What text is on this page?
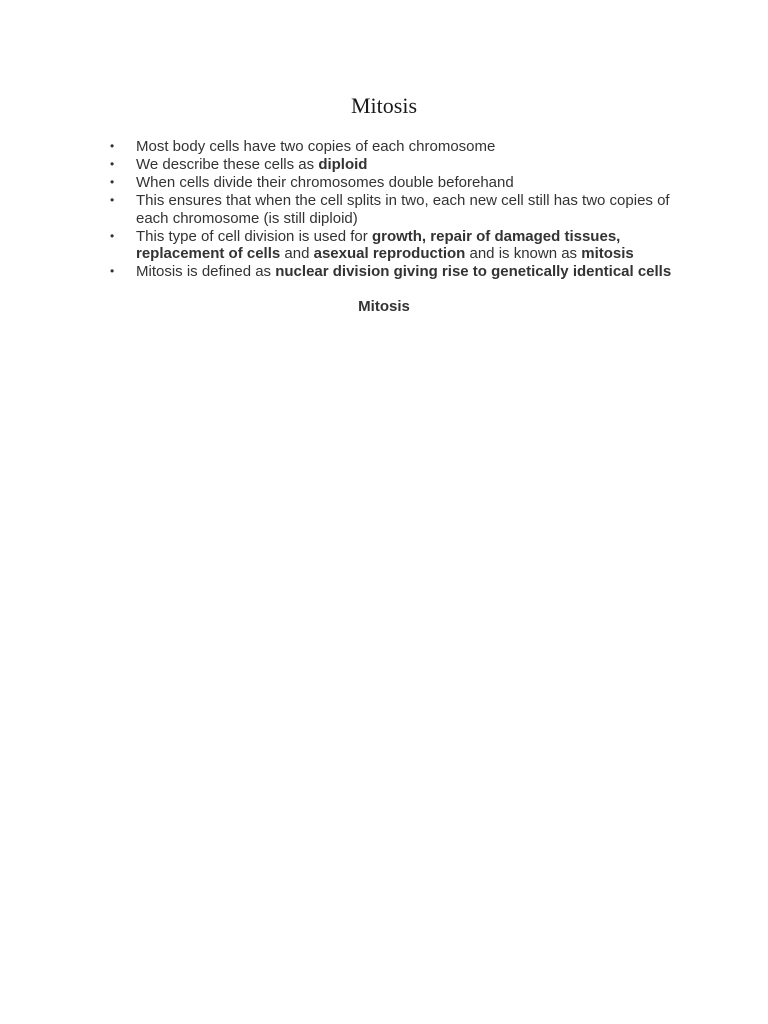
Mitosis
•	Most body cells have two copies of each chromosome
•	We describe these cells as diploid
•	When cells divide their chromosomes double beforehand
•	This ensures that when the cell splits in two, each new cell still has two copies of each chromosome (is still diploid)
•	This type of cell division is used for growth, repair of damaged tissues, replacement of cells and asexual reproduction and is known as mitosis
•	Mitosis is defined as nuclear division giving rise to genetically identical cells
Mitosis
